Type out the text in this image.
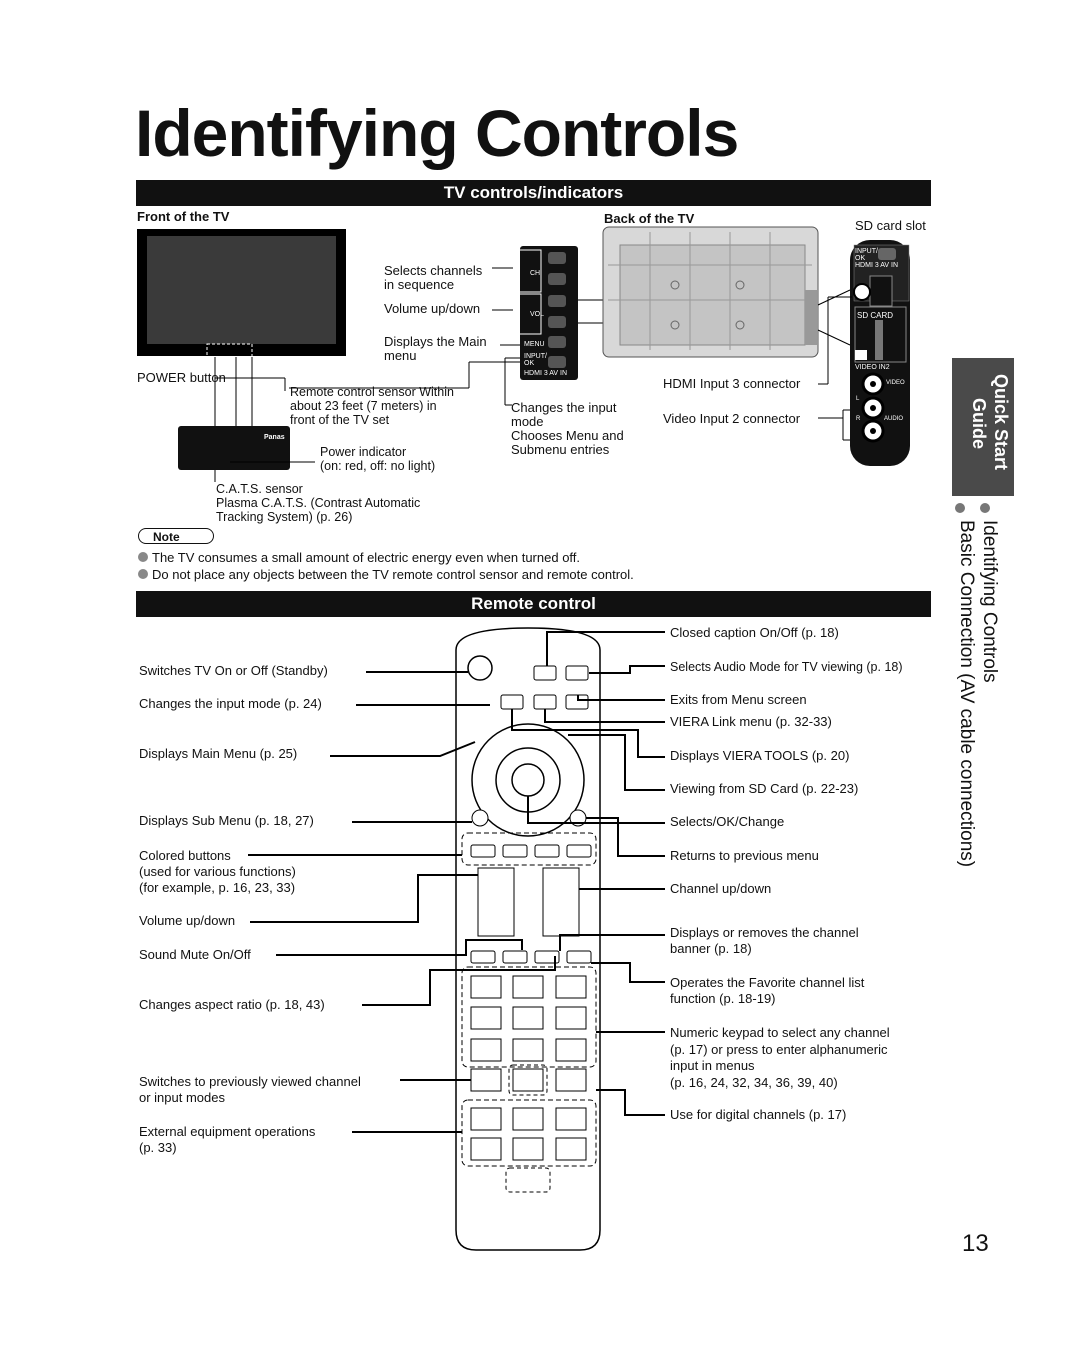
Identifying Controls
TV controls/indicators
Front of the TV	Back of the TV	SD card slot
CH
VOL
MENU
INPUT/
OK
HDMI 3 AV IN
INPUT/
OK
HDMI 3 AV IN
SD CARD
VIDEO IN2
VIDEO
L
R	AUDIO
Panas
Selects channels
in sequence
Volume up/down
Displays the Main
menu
POWER button
Remote control sensor Within
about 23 feet (7 meters) in
front of the TV set
Changes the input
mode
Chooses Menu and
Submenu entries
Power indicator
(on: red, off: no light)
C.A.T.S. sensor
Plasma C.A.T.S. (Contrast Automatic
Tracking System) (p. 26)
HDMI Input 3 connector
Video Input 2 connector
Note
The TV consumes a small amount of electric energy even when turned off.
Do not place any objects between the TV remote control sensor and remote control.
Remote control
Switches TV On or Off (Standby)
Changes the input mode (p. 24)
Displays Main Menu (p. 25)
Displays Sub Menu (p. 18, 27)
Colored buttons
(used for various functions)
(for example, p. 16, 23, 33)
Volume up/down
Sound Mute On/Off
Changes aspect ratio (p. 18, 43)
Switches to previously viewed channel
or input modes
External equipment operations
(p. 33)
Closed caption On/Off (p. 18)
Selects Audio Mode for TV viewing (p. 18)
Exits from Menu screen
VIERA Link menu (p. 32-33)
Displays VIERA TOOLS (p. 20)
Viewing from SD Card (p. 22-23)
Selects/OK/Change
Returns to previous menu
Channel up/down
Displays or removes the channel
banner (p. 18)
Operates the Favorite channel list
function (p. 18-19)
Numeric keypad to select any channel
(p. 17) or press to enter alphanumeric
input in menus
(p. 16, 24, 32, 34, 36, 39, 40)
Use for digital channels (p. 17)
Quick Start
Guide
Identifying Controls
Basic Connection (AV cable connections)
13
